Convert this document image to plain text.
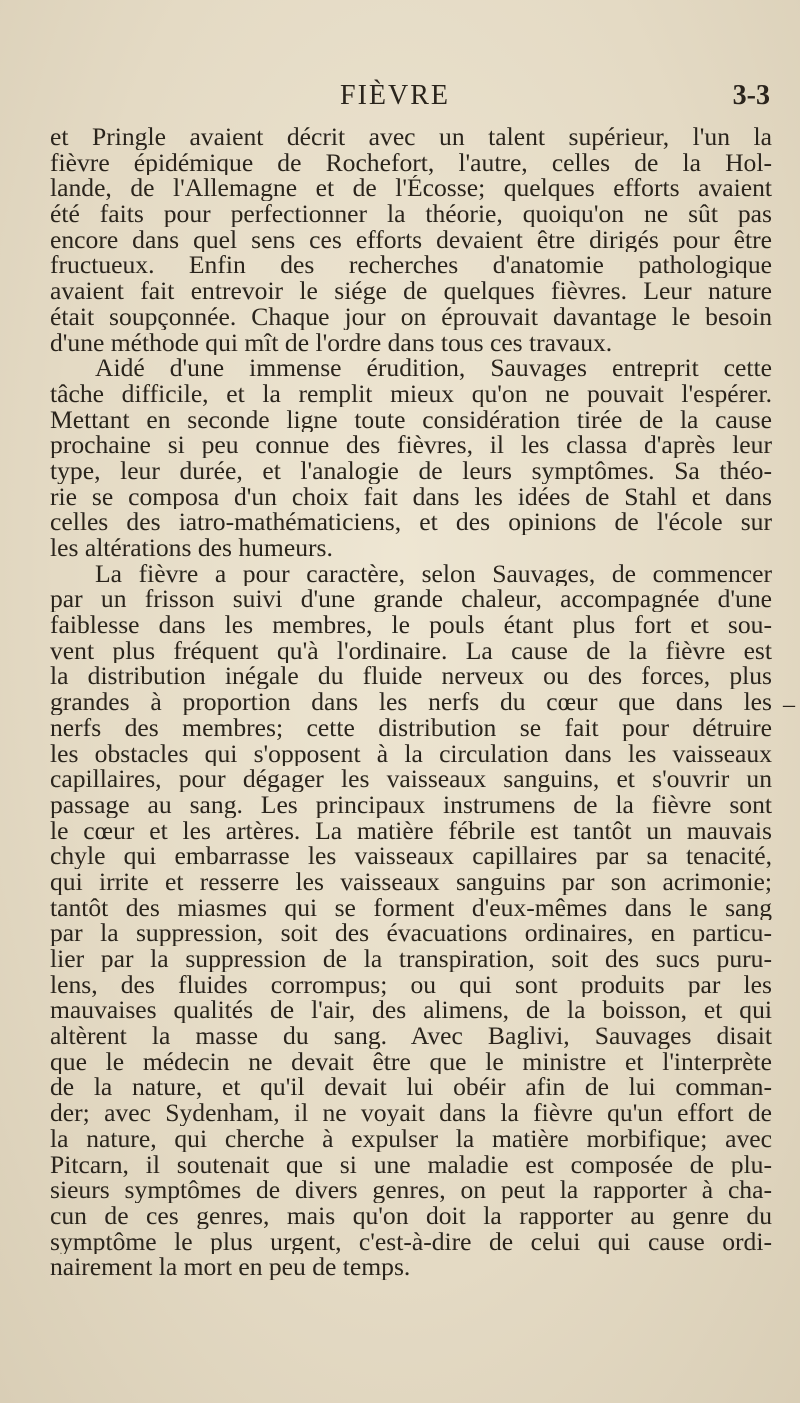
FIÈVRE	3-3
et Pringle avaient décrit avec un talent supérieur, l'un la
fièvre épidémique de Rochefort, l'autre, celles de la Hol-
lande, de l'Allemagne et de l'Écosse; quelques efforts avaient
été faits pour perfectionner la théorie, quoiqu'on ne sût pas
encore dans quel sens ces efforts devaient être dirigés pour être
fructueux. Enfin des recherches d'anatomie pathologique
avaient fait entrevoir le siége de quelques fièvres. Leur nature
était soupçonnée. Chaque jour on éprouvait davantage le besoin
d'une méthode qui mît de l'ordre dans tous ces travaux.
Aidé d'une immense érudition, Sauvages entreprit cette
tâche difficile, et la remplit mieux qu'on ne pouvait l'espérer.
Mettant en seconde ligne toute considération tirée de la cause
prochaine si peu connue des fièvres, il les classa d'après leur
type, leur durée, et l'analogie de leurs symptômes. Sa théo-
rie se composa d'un choix fait dans les idées de Stahl et dans
celles des iatro-mathématiciens, et des opinions de l'école sur
les altérations des humeurs.
La fièvre a pour caractère, selon Sauvages, de commencer
par un frisson suivi d'une grande chaleur, accompagnée d'une
faiblesse dans les membres, le pouls étant plus fort et sou-
vent plus fréquent qu'à l'ordinaire. La cause de la fièvre est
la distribution inégale du fluide nerveux ou des forces, plus
grandes à proportion dans les nerfs du cœur que dans les
nerfs des membres; cette distribution se fait pour détruire
les obstacles qui s'opposent à la circulation dans les vaisseaux
capillaires, pour dégager les vaisseaux sanguins, et s'ouvrir un
passage au sang. Les principaux instrumens de la fièvre sont
le cœur et les artères. La matière fébrile est tantôt un mauvais
chyle qui embarrasse les vaisseaux capillaires par sa tenacité,
qui irrite et resserre les vaisseaux sanguins par son acrimonie;
tantôt des miasmes qui se forment d'eux-mêmes dans le sang
par la suppression, soit des évacuations ordinaires, en particu-
lier par la suppression de la transpiration, soit des sucs puru-
lens, des fluides corrompus; ou qui sont produits par les
mauvaises qualités de l'air, des alimens, de la boisson, et qui
altèrent la masse du sang. Avec Baglivi, Sauvages disait
que le médecin ne devait être que le ministre et l'interprète
de la nature, et qu'il devait lui obéir afin de lui comman-
der; avec Sydenham, il ne voyait dans la fièvre qu'un effort de
la nature, qui cherche à expulser la matière morbifique; avec
Pitcarn, il soutenait que si une maladie est composée de plu-
sieurs symptômes de divers genres, on peut la rapporter à cha-
cun de ces genres, mais qu'on doit la rapporter au genre du
symptôme le plus urgent, c'est-à-dire de celui qui cause ordi-
nairement la mort en peu de temps.
–
